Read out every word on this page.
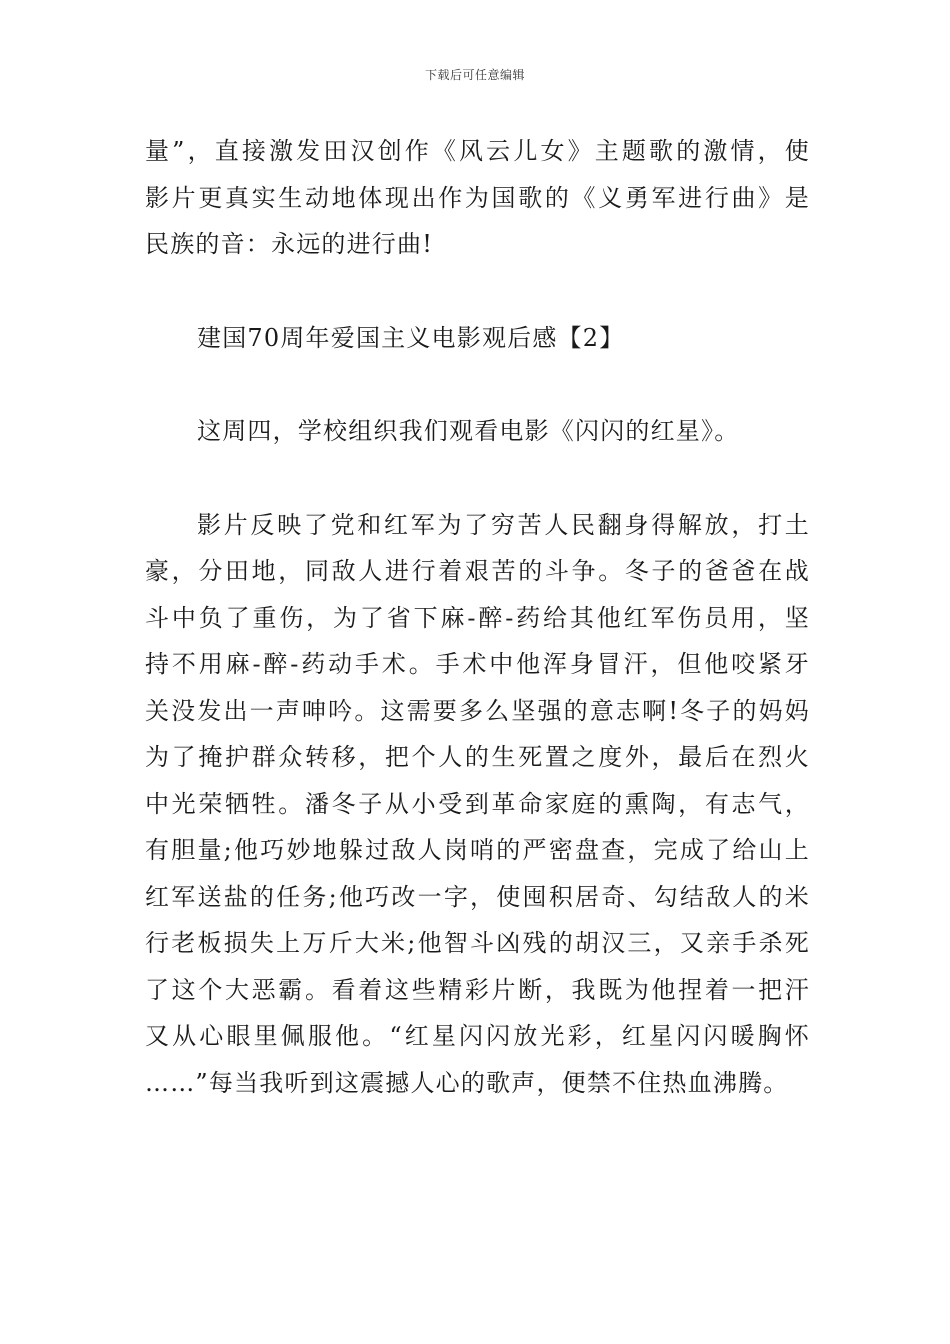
下载后可任意编辑

量”，直接激发田汉创作《风云儿女》主题歌的激情，使
影片更真实生动地体现出作为国歌的《义勇军进行曲》是
民族的音：永远的进行曲!

建国70周年爱国主义电影观后感【2】

这周四，学校组织我们观看电影《闪闪的红星》。

影片反映了党和红军为了穷苦人民翻身得解放，打土
豪，分田地，同敌人进行着艰苦的斗争。冬子的爸爸在战
斗中负了重伤，为了省下麻-醉-药给其他红军伤员用，坚
持不用麻-醉-药动手术。手术中他浑身冒汗，但他咬紧牙
关没发出一声呻吟。这需要多么坚强的意志啊!冬子的妈妈
为了掩护群众转移，把个人的生死置之度外，最后在烈火
中光荣牺牲。潘冬子从小受到革命家庭的熏陶，有志气，
有胆量;他巧妙地躲过敌人岗哨的严密盘查，完成了给山上
红军送盐的任务;他巧改一字，使囤积居奇、勾结敌人的米
行老板损失上万斤大米;他智斗凶残的胡汉三，又亲手杀死
了这个大恶霸。看着这些精彩片断，我既为他捏着一把汗
又从心眼里佩服他。“红星闪闪放光彩，红星闪闪暖胸怀
……”每当我听到这震撼人心的歌声，便禁不住热血沸腾。
